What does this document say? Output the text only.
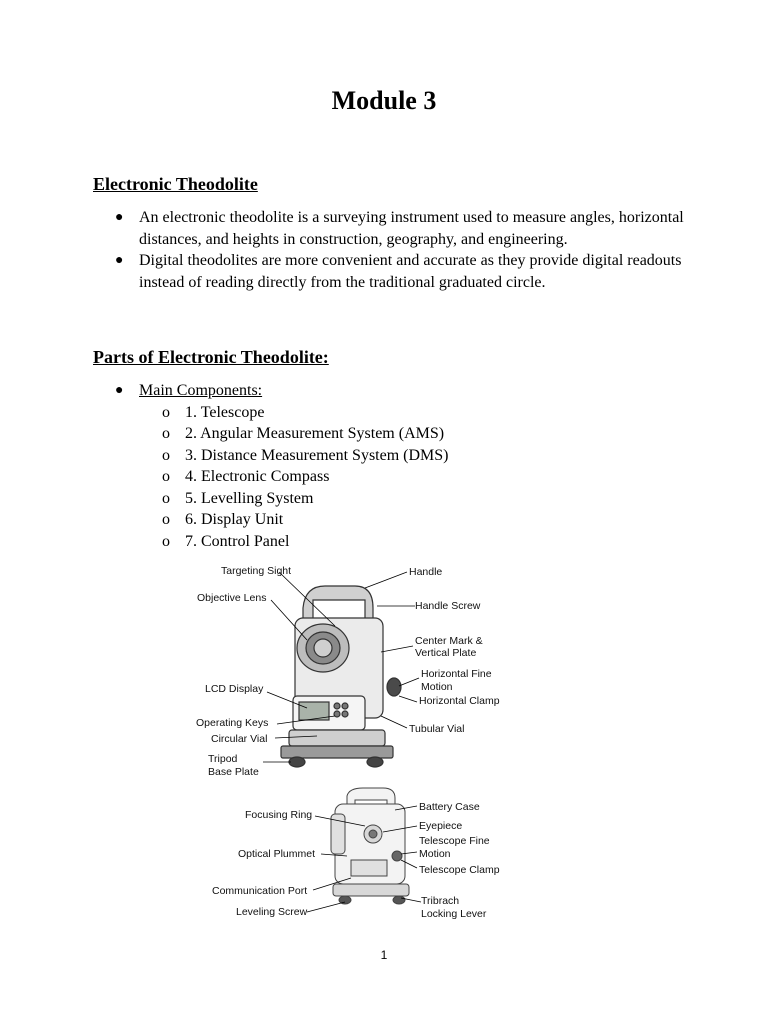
Module 3
Electronic Theodolite
● An electronic theodolite is a surveying instrument used to measure angles, horizontal distances, and heights in construction, geography, and engineering.
● Digital theodolites are more convenient and accurate as they provide digital readouts instead of reading directly from the traditional graduated circle.
Parts of Electronic Theodolite:
● Main Components:
o 1. Telescope
o 2. Angular Measurement System (AMS)
o 3. Distance Measurement System (DMS)
o 4. Electronic Compass
o 5. Levelling System
o 6. Display Unit
o 7. Control Panel
Targeting Sight
Objective Lens
LCD Display
Operating Keys
Circular Vial
Tripod
Base Plate
Handle
Handle Screw
Center Mark &
Vertical Plate
Horizontal Fine
Motion
Horizontal Clamp
Tubular Vial
Focusing Ring
Optical Plummet
Communication Port
Leveling Screw
Battery Case
Eyepiece
Telescope Fine
Motion
Telescope Clamp
Tribrach
Locking Lever
1
